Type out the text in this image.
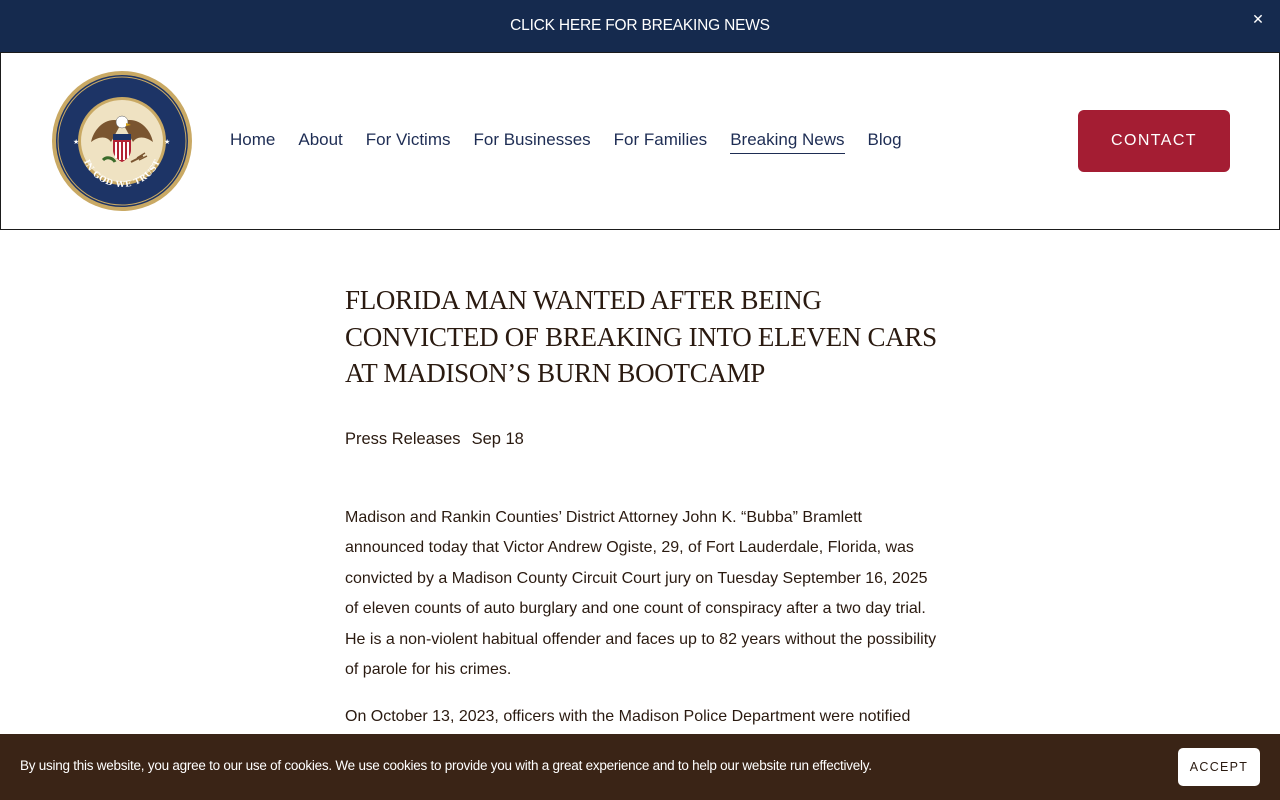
CLICK HERE FOR BREAKING NEWS	✕
IN GOD WE TRUST
★	★	Home About For Victims For Businesses For Families Breaking News Blog	CONTACT
FLORIDA MAN WANTED AFTER BEING CONVICTED OF BREAKING INTO ELEVEN CARS AT MADISON’S BURN BOOTCAMP
Press Releases Sep 18

Madison and Rankin Counties’ District Attorney John K. “Bubba” Bramlett announced today that Victor Andrew Ogiste, 29, of Fort Lauderdale, Florida, was convicted by a Madison County Circuit Court jury on Tuesday September 16, 2025 of eleven counts of auto burglary and one count of conspiracy after a two day trial. He is a non-violent habitual offender and faces up to 82 years without the possibility of parole for his crimes.

On October 13, 2023, officers with the Madison Police Department were notified

By using this website, you agree to our use of cookies. We use cookies to provide you with a great experience and to help our website run effectively.	ACCEPT
